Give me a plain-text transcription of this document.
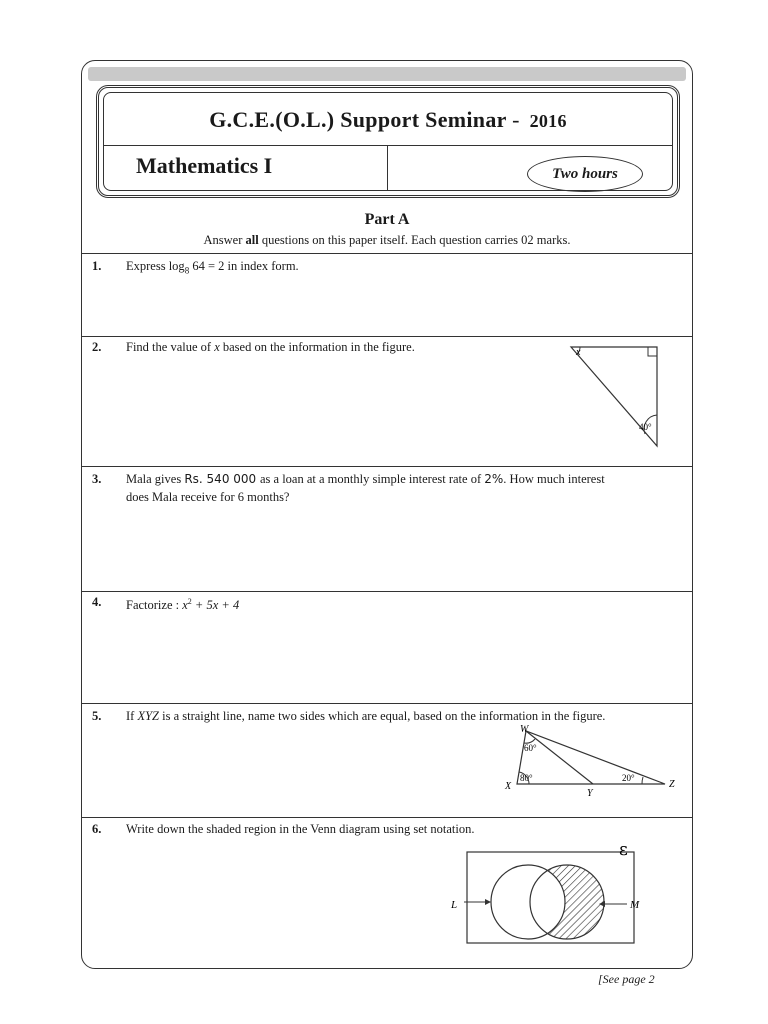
G.C.E.(O.L.) Support Seminar - 2016
Mathematics I	Two hours
Part A
Answer all questions on this paper itself. Each question carries 02 marks.
1. Express $\log_8 64 = 2$ in index form.
2. Find the value of x based on the information in the figure.	x
40°
3. Mala gives Rs. 540 000 as a loan at a monthly simple interest rate of 2%. How much interest
does Mala receive for 6 months?
4. Factorize : $x^2 + 5x + 4$
5. If XYZ is a straight line, name two sides which are equal, based on the information in the figure.
W
X
Y
Z
60°
80°	20°
6. Write down the shaded region in the Venn diagram using set notation.
ε
L	M
[See page 2
